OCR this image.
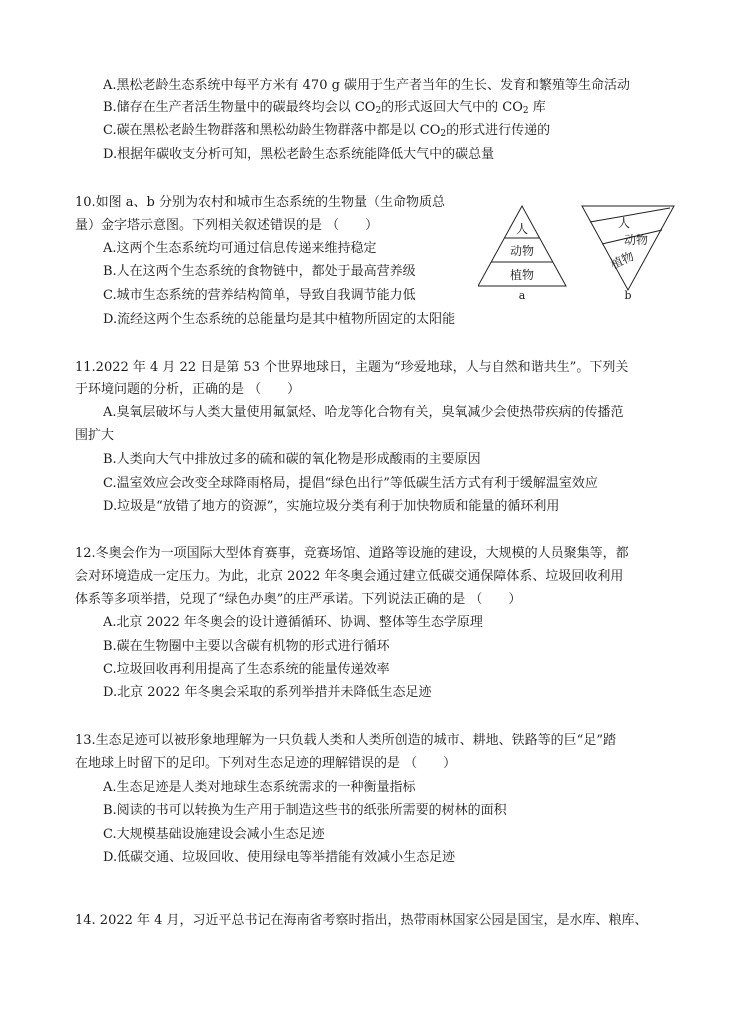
A.黑松老龄生态系统中每平方米有 470 g 碳用于生产者当年的生长、发育和繁殖等生命活动
B.储存在生产者活生物量中的碳最终均会以 $CO_2$的形式返回大气中的 $CO_2$ 库
C.碳在黑松老龄生物群落和黑松幼龄生物群落中都是以 $CO_2$的形式进行传递的
D.根据年碳收支分析可知，黑松老龄生态系统能降低大气中的碳总量
10.如图 a、b 分别为农村和城市生态系统的生物量（生命物质总
量）金字塔示意图。下列相关叙述错误的是 （　　）
A.这两个生态系统均可通过信息传递来维持稳定
B.人在这两个生态系统的食物链中，都处于最高营养级
C.城市生态系统的营养结构简单，导致自我调节能力低
D.流经这两个生态系统的总能量均是其中植物所固定的太阳能
人
动物
植物
a
人
动物
植物
b
11.2022 年 4 月 22 日是第 53 个世界地球日，主题为“珍爱地球，人与自然和谐共生”。下列关
于环境问题的分析，正确的是 （　　）
A.臭氧层破坏与人类大量使用氟氯烃、哈龙等化合物有关，臭氧减少会使热带疾病的传播范
围扩大
B.人类向大气中排放过多的硫和碳的氧化物是形成酸雨的主要原因
C.温室效应会改变全球降雨格局，提倡“绿色出行”等低碳生活方式有利于缓解温室效应
D.垃圾是“放错了地方的资源”，实施垃圾分类有利于加快物质和能量的循环利用
12.冬奥会作为一项国际大型体育赛事，竞赛场馆、道路等设施的建设，大规模的人员聚集等，都
会对环境造成一定压力。为此，北京 2022 年冬奥会通过建立低碳交通保障体系、垃圾回收利用
体系等多项举措，兑现了“绿色办奥”的庄严承诺。下列说法正确的是 （　　）
A.北京 2022 年冬奥会的设计遵循循环、协调、整体等生态学原理
B.碳在生物圈中主要以含碳有机物的形式进行循环
C.垃圾回收再利用提高了生态系统的能量传递效率
D.北京 2022 年冬奥会采取的系列举措并未降低生态足迹
13.生态足迹可以被形象地理解为一只负载人类和人类所创造的城市、耕地、铁路等的巨“足”踏
在地球上时留下的足印。下列对生态足迹的理解错误的是 （　　）
A.生态足迹是人类对地球生态系统需求的一种衡量指标
B.阅读的书可以转换为生产用于制造这些书的纸张所需要的树林的面积
C.大规模基础设施建设会减小生态足迹
D.低碳交通、垃圾回收、使用绿电等举措能有效减小生态足迹
14. 2022 年 4 月，习近平总书记在海南省考察时指出，热带雨林国家公园是国宝，是水库、粮库、
